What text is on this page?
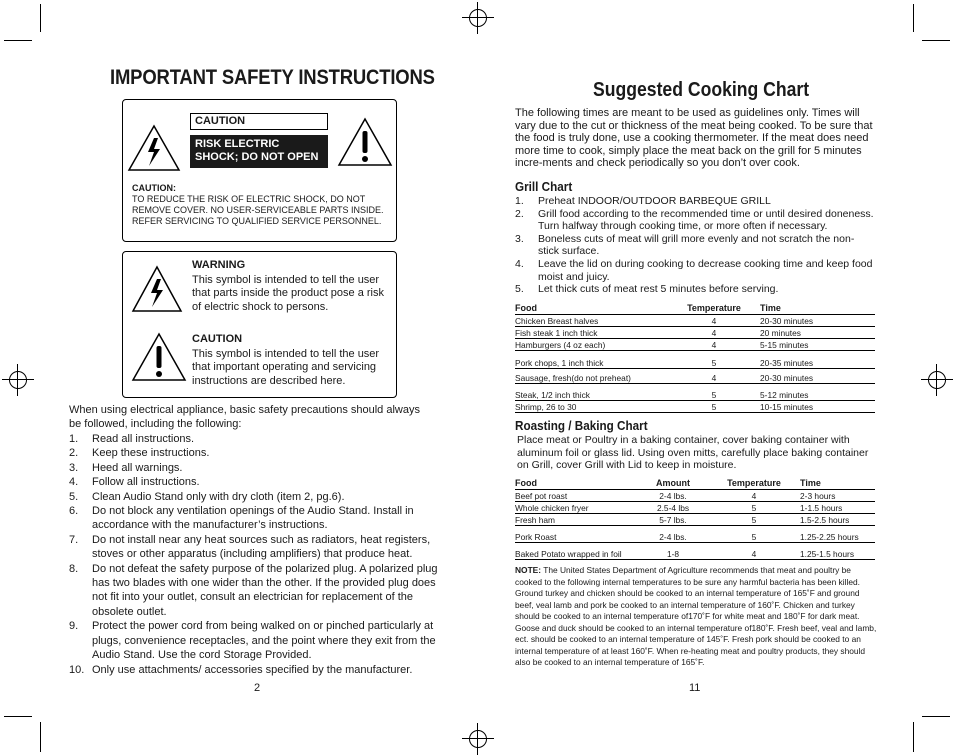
IMPORTANT SAFETY INSTRUCTIONS
CAUTION
RISK ELECTRIC SHOCK; DO NOT OPEN
CAUTION:
TO REDUCE THE RISK OF ELECTRIC SHOCK, DO NOT REMOVE COVER. NO USER-SERVICEABLE PARTS INSIDE. REFER SERVICING TO QUALIFIED SERVICE PERSONNEL.
WARNING
This symbol is intended to tell the user that parts inside the product pose a risk of electric shock to persons.
CAUTION
This symbol is intended to tell the user that important operating and servicing instructions are described here.
When using electrical appliance, basic safety precautions should always be followed, including the following:
1. Read all instructions.
2. Keep these instructions.
3. Heed all warnings.
4. Follow all instructions.
5. Clean Audio Stand only with dry cloth (item 2, pg.6).
6. Do not block any ventilation openings of the Audio Stand. Install in accordance with the manufacturer’s instructions.
7. Do not install near any heat sources such as radiators, heat registers, stoves or other apparatus (including amplifiers) that produce heat.
8. Do not defeat the safety purpose of the polarized plug. A polarized plug has two blades with one wider than the other. If the provided plug does not fit into your outlet, consult an electrician for replacement of the obsolete outlet.
9. Protect the power cord from being walked on or pinched particularly at plugs, convenience receptacles, and the point where they exit from the Audio Stand. Use the cord Storage Provided.
10. Only use attachments/ accessories specified by the manufacturer.
2
Suggested Cooking Chart
The following times are meant to be used as guidelines only. Times will vary due to the cut or thickness of the meat being cooked. To be sure that the food is truly done, use a cooking thermometer. If the meat does need more time to cook, simply place the meat back on the grill for 5 minutes incre-ments and check periodically so you don’t over cook.
Grill Chart
1. Preheat INDOOR/OUTDOOR BARBEQUE GRILL
2. Grill food according to the recommended time or until desired doneness. Turn halfway through cooking time, or more often if necessary.
3. Boneless cuts of meat will grill more evenly and not scratch the non-stick surface.
4. Leave the lid on during cooking to decrease cooking time and keep food moist and juicy.
5. Let thick cuts of meat rest 5 minutes before serving.
Food	Temperature	Time
Chicken Breast halves	4	20-30 minutes
Fish steak 1 inch thick	4	20 minutes
Hamburgers (4 oz each)	4	5-15 minutes
Pork chops, 1 inch thick	5	20-35 minutes
Sausage, fresh(do not preheat)	4	20-30 minutes
Steak, 1/2 inch thick	5	5-12 minutes
Shrimp, 26 to 30	5	10-15 minutes
Roasting / Baking Chart
Place meat or Poultry in a baking container, cover baking container with aluminum foil or glass lid. Using oven mitts, carefully place baking container on Grill, cover Grill with Lid to keep in moisture.
Food	Amount	Temperature	Time
Beef pot roast	2-4 lbs.	4	2-3 hours
Whole chicken fryer	2.5-4 lbs	5	1-1.5 hours
Fresh ham	5-7 lbs.	5	1.5-2.5 hours
Pork Roast	2-4 lbs.	5	1.25-2.25 hours
Baked Potato wrapped in foil	1-8	4	1.25-1.5 hours
NOTE: The United States Department of Agriculture recommends that meat and poultry be cooked to the following internal temperatures to be sure any harmful bacteria has been killed. Ground turkey and chicken should be cooked to an internal temperature of 165˚F and ground beef, veal lamb and pork be cooked to an internal temperature of 160˚F. Chicken and turkey should be cooked to an internal temperature of170˚F for white meat and 180˚F for dark meat. Goose and duck should be cooked to an internal temperature of180˚F. Fresh beef, veal and lamb, ect. should be cooked to an internal temperature of 145˚F. Fresh pork should be cooked to an internal temperature of at least 160˚F. When re-heating meat and poultry products, they should also be cooked to an internal temperature of 165˚F.
11
